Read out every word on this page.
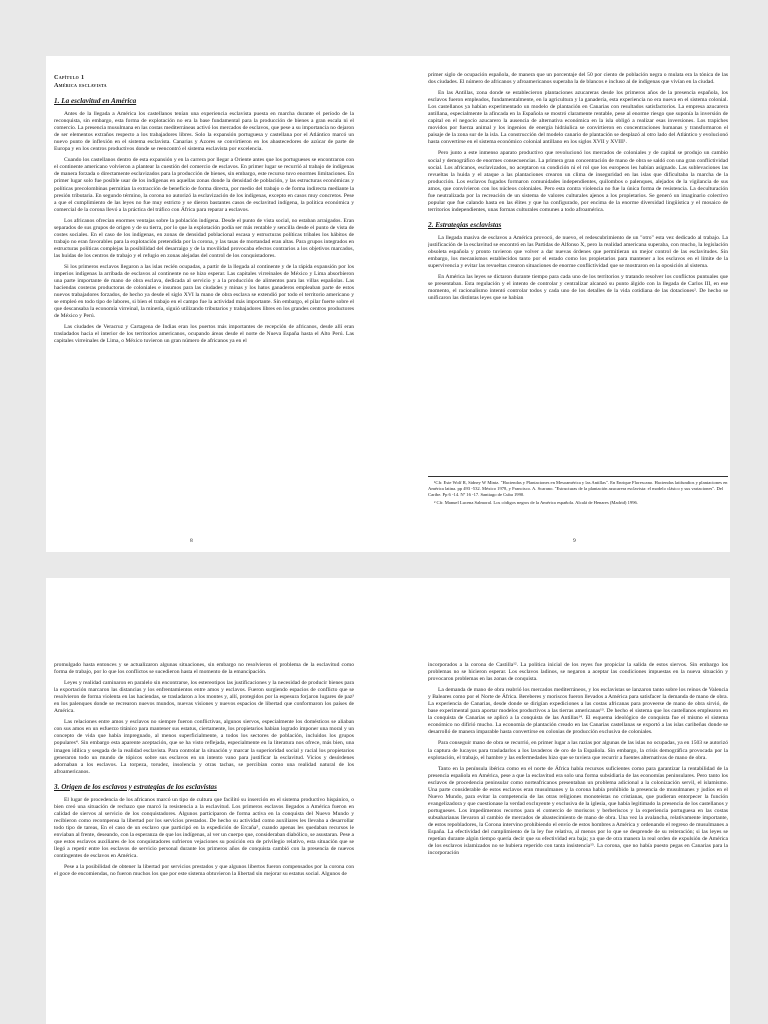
Capítulo 1
América esclavista
1. La esclavitud en América

Antes de la llegada a América los castellanos tenían una experiencia esclavista puesta en marcha durante el período de la reconquista, sin embargo, esta forma de explotación no era la base fundamental para la producción de bienes a gran escala ni el comercio. La presencia musulmana en las costas mediterráneas activó los mercados de esclavos, que pese a su importancia no dejaron de ser elementos extraños respecto a los trabajadores libres. Solo la expansión portuguesa y castellana por el Atlántico marcó un nuevo punto de inflexión en el sistema esclavista. Canarias y Azores se convirtieron en los abastecedores de azúcar de parte de Europa y en los centros productivos donde se reencontró el sistema esclavista por excelencia.

Cuando los castellanos dentro de esta expansión y en la carrera por llegar a Oriente antes que los portugueses se encontraron con el continente americano volvieron a plantear la cuestión del comercio de esclavos. En primer lugar se recurrió al trabajo de indígenas de manera forzada o directamente esclavizados para la producción de bienes, sin embargo, este recurso tuvo enormes limitaciones. En primer lugar solo fue posible usar de los indígenas en aquellas zonas donde la densidad de población, y las estructuras económicas y políticas precolombinas permitían la extracción de beneficio de forma directa, por medio del trabajo o de forma indirecta mediante la presión tributaria. En segundo término, la corona no autorizó la esclavización de los indígenas, excepto en casos muy concretos. Pese a que el cumplimiento de las leyes no fue muy estricto y se dieron bastantes casos de esclavitud indígena, la política económica y comercial de la corona llevó a la práctica del tráfico con África para reparar a esclavos.

Los africanos ofrecían enormes ventajas sobre la población indígena. Desde el punto de vista social, no estaban arraigados. Eran separados de sus grupos de origen y de su tierra, por lo que la explotación podía ser más rentable y sencilla desde el punto de vista de costes sociales. En el caso de los indígenas, en zonas de densidad poblacional escasa y estructuras políticas tribales los hábitos de trabajo no eran favorables para la explotación pretendida por la corona, y las tasas de mortandad eran altas. Para grupos integrados en estructuras políticas complejas la posibilidad del desarraigo y de la movilidad provocaba efectos contrarios a los objetivos marcados, las huidas de los centros de trabajo y el refugio en zonas alejadas del control de los conquistadores.

Si los primeros esclavos llegaron a las islas recién ocupadas, a partir de la llegada al continente y de la rápida expansión por los imperios indígenas la arribada de esclavos al continente no se hizo esperar. Las capitales virreinales de México y Lima absorbieron una parte importante de mano de obra esclava, dedicada al servicio y a la producción de alimentos para las villas españolas. Las haciendas costeras productoras de coloniales e insumos para las ciudades y minas y los hatos ganaderos empleaban parte de estos nuevos trabajadores forzados, de hecho ya desde el siglo XVI la mano de obra esclava se extendió por todo el territorio americano y se empleó en todo tipo de labores, si bien el trabajo en el campo fue la actividad más importante. Sin embargo, el pilar fuerte sobre el que descansaba la economía virreinal, la minería, siguió utilizando tributarios y trabajadores libres en los grandes centros productores de México y Perú.

Las ciudades de Veracruz y Cartagena de Indias eran los puertos más importantes de recepción de africanos, desde allí eran trasladados hacia el interior de los territorios americanos, ocupando áreas desde el norte de Nueva España hasta el Alto Perú. Las capitales virreinales de Lima, o México tuvieron un gran número de africanos ya en el

8

primer siglo de ocupación española, de manera que un porcentaje del 50 por ciento de población negra o mulata era la tónica de las dos ciudades. El número de africanos y afroamericanos superaba la de blancos e incluso al de indígenas que vivían en la ciudad.

En las Antillas, zona donde se establecieron plantaciones azucareras desde los primeros años de la presencia española, los esclavos fueron empleados, fundamentalmente, en la agricultura y la ganadería, esta experiencia no era nueva en el sistema colonial. Los castellanos ya habían experimentado un modelo de plantación en Canarias con resultados satisfactorios. La empresa azucarera antillana, especialmente la afincada en la Española se mostró claramente rentable, pese al enorme riesgo que suponía la inversión de capital en el negocio azucarero la ausencia de alternativa económica en la isla obligó a realizar esas inversiones. Los trapiches movidos por fuerza animal y los ingenios de energía hidráulica se convirtieron en concentraciones humanas y transformaron el paisaje de la zona sur de la isla. La construcción del modelo canario de plantación se desplazó al otro lado del Atlántico y evolucionó hasta convertirse en el sistema económico colonial antillano en los siglos XVII y XVIII¹.

Pero junto a este inmenso aparato productivo que revolucionó los mercados de coloniales y de capital se produjo un cambio social y demográfico de enormes consecuencias. La primera gran concentración de mano de obra se saldó con una gran conflictividad social. Los africanos, esclavizados, no aceptaron su condición ni el rol que los europeos les habían asignado. Las sublevaciones las revueltas la huida y el ataque a las plantaciones crearon un clima de inseguridad en las islas que dificultaba la marcha de la producción. Los esclavos fugados formaron comunidades independientes, quilombos o palenques, alejados de la vigilancia de sus amos, que convivieron con los núcleos coloniales. Pero esta contra violencia no fue la única forma de resistencia. La deculturación fue neutralizada por la recreación de un sistema de valores culturales ajenos a los propietarios. Se generó un imaginario colectivo popular que fue calando hasta en las élites y que ha configurado, por encima de la enorme diversidad lingüística y el mosaico de territorios independientes, unas formas culturales comunes a todo afroamérica.

2. Estrategias esclavistas

La llegada masiva de esclavos a América provocó, de nuevo, el redescubrimiento de un "otro" esta vez dedicado al trabajo. La justificación de la esclavitud se encontró en las Partidas de Alfonso X, pero la realidad americana superaba, con mucho, la legislación obsoleta española y pronto tuvieron que volver a dar nuevas órdenes que permitieran un mejor control de las esclavitudes. Sin embargo, los mecanismos establecidos tanto por el estado como los propietarios para mantener a los esclavos en el límite de la supervivencia y evitar las revueltas crearon situaciones de enorme conflictividad que se mostraron en la oposición al sistema.

En América las leyes se dictaron durante tiempo para cada uno de los territorios y tratando resolver los conflictos puntuales que se presentaban. Esta regulación y el intento de controlar y centralizar alcanzó su punto álgido con la llegada de Carlos III, en ese momento, el racionalismo intentó controlar todos y cada uno de los detalles de la vida cotidiana de las dotaciones². De hecho se unificaron las distintas leyes que se habían

¹Cfr. Este Wolf R, Sidney W Mintz. "Haciendas y Plantaciones en Mesoamérica y las Antillas". En Enrique Florescano. Haciendas latifundios y plantaciones en América latina. pp 493 -532. México 1978, y Francisco. A. Scarano. "Estructuras de la plantación azucarera esclavista: el modelo clásico y sus variaciones". Del Caribe. Pp 6 -14. Nº 16 -17. Santiago de Cuba 1990.

² Cfr. Manuel Lucena Salmoral. Los códigos negros de la América española. Alcalá de Henares (Madrid) 1996.

9

promulgado hasta entonces y se actualizaron algunas situaciones, sin embargo no resolvieron el problema de la esclavitud como forma de trabajo, por lo que los conflictos se sucedieron hasta el momento de la emancipación.

Leyes y realidad caminaron en paralelo sin encontrarse, los estereotipos las justificaciones y la necesidad de producir bienes para la exportación marcaron las distancias y los enfrentamientos entre amos y esclavos. Fueron surgiendo espacios de conflicto que se resolvieron de forma violenta en las haciendas, se trasladaron a los montes y, allí, protegidos por la espesura forjaron lugares de paz³ en los palenques donde se recrearon nuevos mundos, nuevas visiones y nuevos espacios de libertad que conformaron los países de América.

Las relaciones entre amos y esclavos no siempre fueron conflictivas, algunos siervos, especialmente los domésticos se aliaban con sus amos en un esfuerzo titánico para mantener sus estatus, ciertamente, los propietarios habían logrado imponer una moral y un concepto de vida que había impregnado, al menos superficialmente, a todos los sectores de población, incluidos los grupos populares⁴. Sin embargo esta aparente aceptación, que se ha visto reflejada, especialmente en la literatura nos ofrece, más bien, una imagen idílica y sesgada de la realidad esclavista. Para controlar la situación y marcar la superioridad social y racial los propietarios generaron todo un mundo de tópicos sobre sus esclavos en un intento vano para justificar la esclavitud. Vicios y desórdenes adornaban a los esclavos. La torpeza, torudez, insolencia y otras tachas, se percibían como una realidad natural de los afroamericanos.

3. Origen de los esclavos y estrategias de los esclavistas

El lugar de procedencia de los africanos marcó un tipo de cultura que facilitó su inserción en el sistema productivo hispánico, o bien creó una situación de rechazo que marcó la resistencia a la esclavitud. Los primeros esclavos llegados a América fueron en calidad de siervos al servicio de los conquistadores. Algunos participaron de forma activa en la conquista del Nuevo Mundo y recibieron como recompensa la libertad por los servicios prestados. De hecho su actividad como auxiliares les llevaba a desarrollar todo tipo de tareas, En el caso de un esclavo que participó en la expedición de Ercaña⁵, cuando apenas les quedaban recursos le enviaban al frente, deseando, con la esperanza de que los indígenas, al ver un cuerpo que, consideraban diabólico, se asustaran. Pese a que estos esclavos auxiliares de los conquistadores sufrieron vejaciones su posición era de privilegio relativo, esta situación que se llegó a repetir entre los esclavos de servicio personal durante los primeros años de conquista cambió con la presencia de nuevos contingentes de esclavos en América.

Pese a la posibilidad de obtener la libertad por servicios prestados y que algunos libertos fueron compensados por la corona con el goce de encomiendas, no fueron muchos los que por este sistema obtuvieron la libertad sin mejorar su estatus social. Algunos de

incorporados a la corona de Castilla¹². La política inicial de los reyes fue propiciar la salida de estos siervos. Sin embargo los problemas no se hicieron esperar. Los esclavos ladinos, se negaron a aceptar las condiciones impuestas en la nueva situación y provocaron problemas en las zonas de conquista.

La demanda de mano de obra reabrió los mercados mediterráneos, y los esclavistas se lanzaron tanto sobre los reinos de Valencia y Baleares como por el Norte de África. Bereberes y moriscos fueron llevados a América para satisfacer la demanda de mano de obra. La experiencia de Canarias, desde donde se dirigían expediciones a las costas africanas para proveerse de mano de obra sirvió, de base experimental para aportar modelos productivos a las tierras americanas¹³. De hecho el sistema que los castellanos emplearon en la conquista de Canarias se aplicó a la conquista de las Antillas¹⁴. El esquema ideológico de conquista fue el mismo el sistema económico no difirió mucho. La economía de plantación creado en las Canarias castellanas se exportó a las islas caribeñas donde se desarrolló de manera imparable hasta convertirse en colonias de producción exclusiva de coloniales.

Para conseguir mano de obra se recurrió, en primer lugar a las razias por algunas de las islas no ocupadas, ya en 1503 se autorizó la captura de lucayos para trasladarlos a los lavaderos de oro de la Española. Sin embargo, la crisis demográfica provocada por la explotación, el trabajo, el hambre y las enfermedades hizo que se tuviera que recurrir a fuentes alternativas de mano de obra.

Tanto en la península ibérica como en el norte de África había recursos suficientes como para garantizar la rentabilidad de la presencia española en América, pese a que la esclavitud era solo una forma subsidiaria de las economías peninsulares. Pero tanto los esclavos de procedencia peninsular como norteafricanos presentaban un problema adicional a la colonización servil, el islamismo. Una parte considerable de estos esclavos eran musulmanes y la corona había prohibido la presencia de musulmanes y judíos en el Nuevo Mundo, para evitar la competencia de las otras religiones monoteístas no cristianas, que pudieran entorpecer la función evangelizadora y que cuestionase la verdad excluyente y exclusiva de la iglesia, que había legitimado la presencia de los castellanos y portugueses. Los impedimentos recortos para el comercio de moriscos y berberiscos y la experiencia portuguesa en las costas subsaharianas llevaron al cambio de mercados de abastecimiento de mano de obra. Una vez la avalancha, relativamente importante, de estos repobladores, la Corona intervino prohibiendo el envío de estos hombres a América y ordenando el regreso de musulmanes a España. La efectividad del cumplimiento de la ley fue relativa, al menos por lo que se desprende de su reiteración; si las leyes se repetían durante algún tiempo quería decir que su efectividad era baja; ya que de otra manera la real orden de expulsión de América de los esclavos islamizados no se hubiera reperido con tanta insistencia¹⁵. La corona, que no había puesto pegas en Canarias para la incorporación
